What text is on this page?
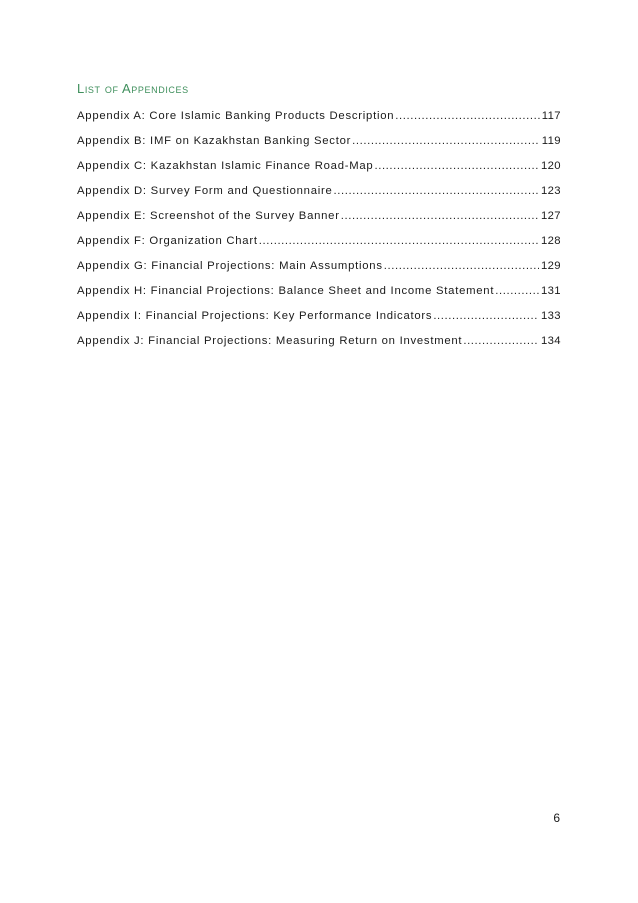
List of Appendices
Appendix A: Core Islamic Banking Products Description .....	117
Appendix B: IMF on Kazakhstan Banking Sector .....	119
Appendix C: Kazakhstan Islamic Finance Road-Map .....	120
Appendix D: Survey Form and Questionnaire .....	123
Appendix E: Screenshot of the Survey Banner .....	127
Appendix F: Organization Chart .....	128
Appendix G: Financial Projections: Main Assumptions .....	129
Appendix H: Financial Projections: Balance Sheet and Income Statement .....	131
Appendix I: Financial Projections: Key Performance Indicators .....	133
Appendix J: Financial Projections: Measuring Return on Investment .....	134
6
